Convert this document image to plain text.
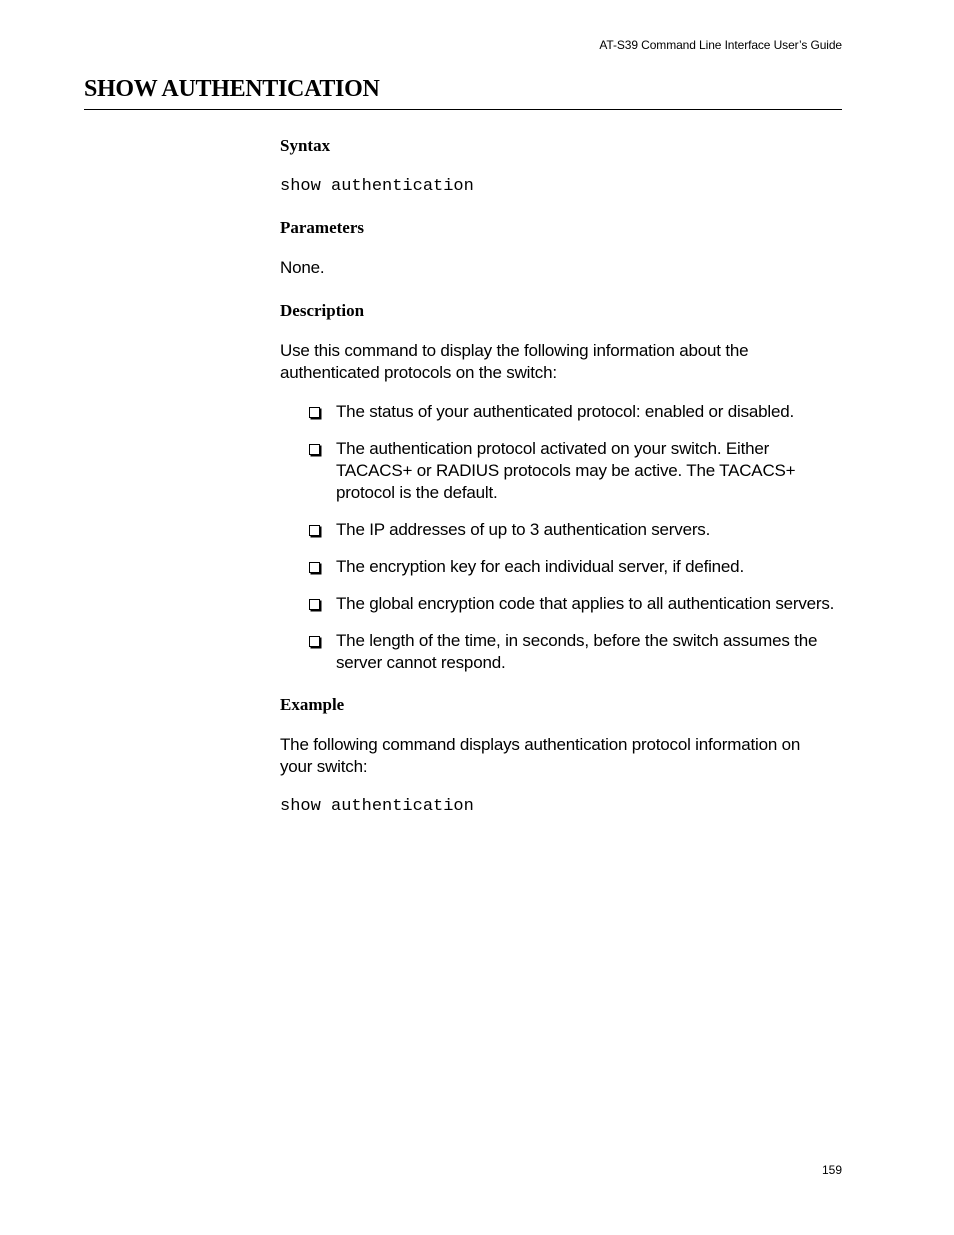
AT-S39 Command Line Interface User’s Guide
SHOW AUTHENTICATION
Syntax
show authentication
Parameters

None.

Description

Use this command to display the following information about the authenticated protocols on the switch:

The status of your authenticated protocol: enabled or disabled.
The authentication protocol activated on your switch. Either TACACS+ or RADIUS protocols may be active. The TACACS+ protocol is the default.
The IP addresses of up to 3 authentication servers.
The encryption key for each individual server, if defined.
The global encryption code that applies to all authentication servers.
The length of the time, in seconds, before the switch assumes the server cannot respond.
Example

The following command displays authentication protocol information on your switch:

show authentication
159
